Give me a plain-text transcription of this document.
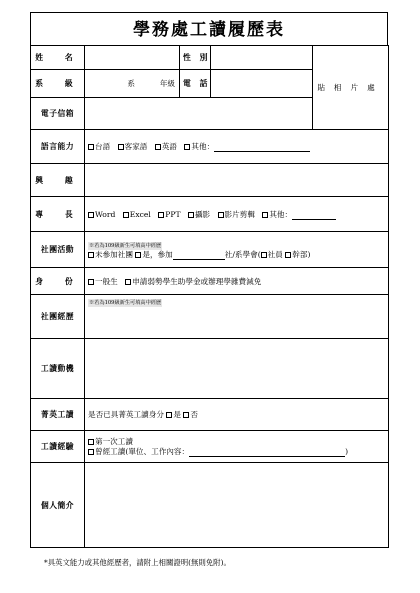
學務處工讀履歷表
姓　名		性　別		貼相片處
系　級	系 年級	電　話		
電子信箱				
語言能力	台語 客家語 英語 其他：			
興　趣				
專　長	Word Excel PPT 攝影 影片剪輯 其他：			
社團活動	※若為109級新生可填高中經歷
未參加社團 是，參加 社/系學會( 社員 幹部)			

身　份	一般生 申請弱勢學生助學金或辦理學雜費減免			
社團經歷	※若為109級新生可填高中經歷			
工讀動機				
菁英工讀	是否已具菁英工讀身分 是 否			
工讀經驗	第一次工讀
曾經工讀(單位、工作內容： )			

個人簡介				
*具英文能力或其他經歷者，請附上相關證明(無則免附)。
